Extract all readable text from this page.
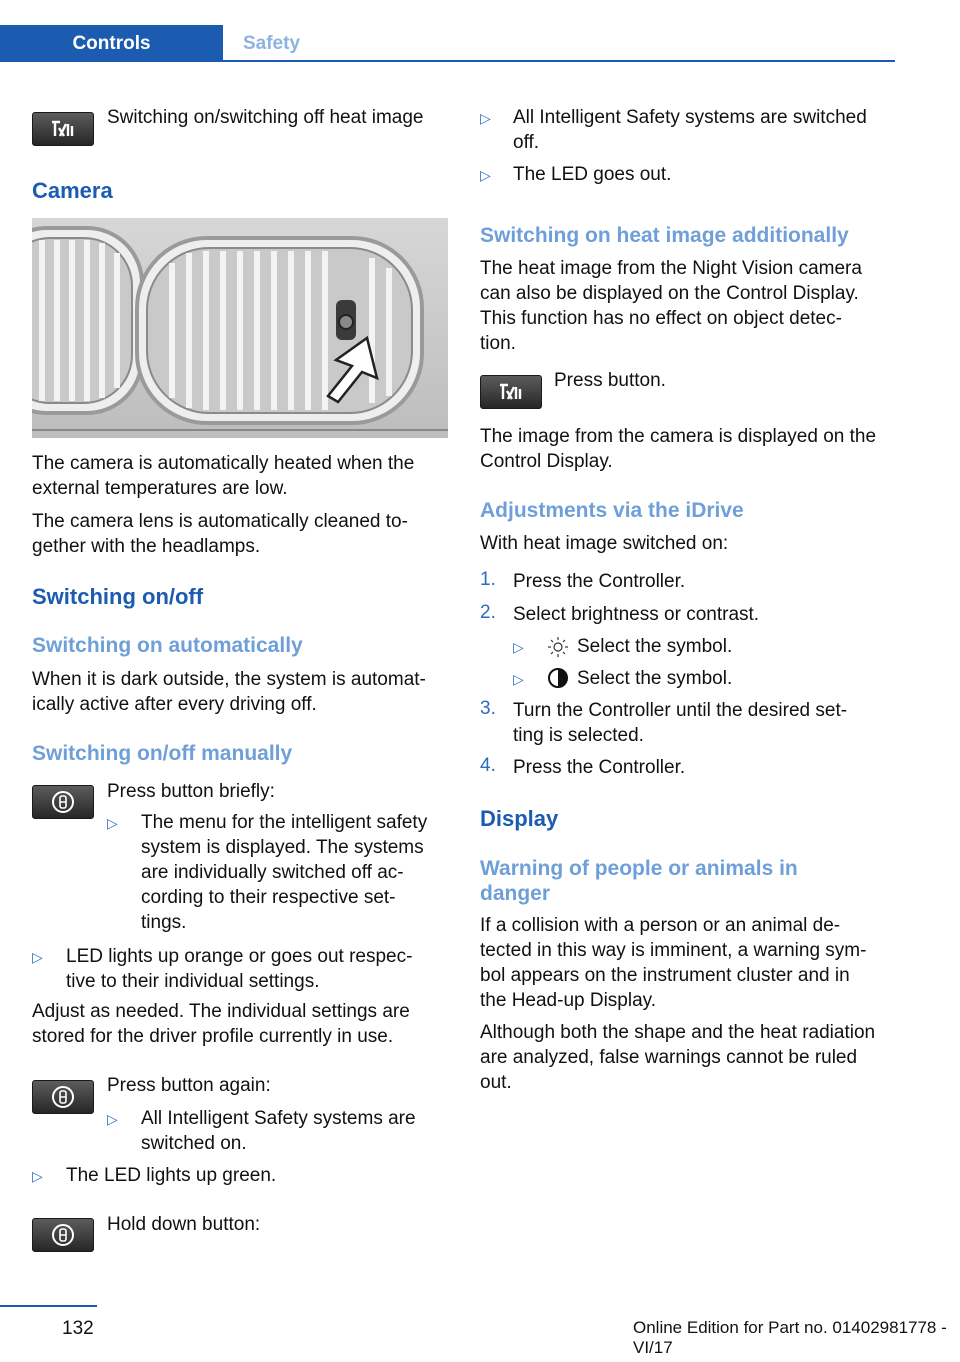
Controls	Safety
Switching on/switching off heat image
Camera
The camera is automatically heated when the
external temperatures are low.
The camera lens is automatically cleaned to-
gether with the headlamps.
Switching on/off
Switching on automatically
When it is dark outside, the system is automat-
ically active after every driving off.
Switching on/off manually
Press button briefly:
▷ The menu for the intelligent safety
system is displayed. The systems
are individually switched off ac-
cording to their respective set-
tings.
▷ LED lights up orange or goes out respec-
tive to their individual settings.
Adjust as needed. The individual settings are
stored for the driver profile currently in use.
Press button again:
▷ All Intelligent Safety systems are
switched on.
▷ The LED lights up green.
Hold down button:
▷ All Intelligent Safety systems are switched
off.
▷ The LED goes out.
Switching on heat image additionally
The heat image from the Night Vision camera
can also be displayed on the Control Display.
This function has no effect on object detec-
tion.
Press button.
The image from the camera is displayed on the
Control Display.
Adjustments via the iDrive
With heat image switched on:
1. Press the Controller.
2. Select brightness or contrast.
▷	Select the symbol.
▷	Select the symbol.
3. Turn the Controller until the desired set-
ting is selected.
4. Press the Controller.
Display
Warning of people or animals in
danger
If a collision with a person or an animal de-
tected in this way is imminent, a warning sym-
bol appears on the instrument cluster and in
the Head-up Display.
Although both the shape and the heat radiation
are analyzed, false warnings cannot be ruled
out.
132	Online Edition for Part no. 01402981778 - VI/17
